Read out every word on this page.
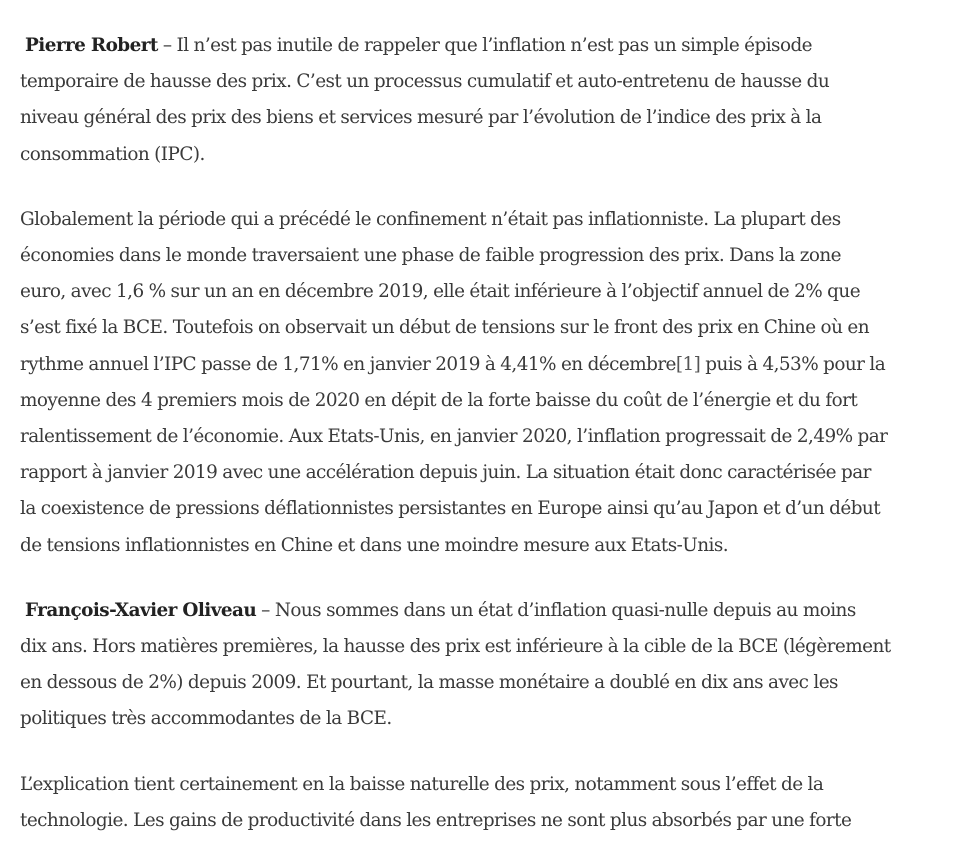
Pierre Robert – Il n’est pas inutile de rappeler que l’inflation n’est pas un simple épisode
temporaire de hausse des prix. C’est un processus cumulatif et auto-entretenu de hausse du
niveau général des prix des biens et services mesuré par l’évolution de l’indice des prix à la
consommation (IPC).

Globalement la période qui a précédé le confinement n’était pas inflationniste. La plupart des
économies dans le monde traversaient une phase de faible progression des prix. Dans la zone
euro, avec 1,6 % sur un an en décembre 2019, elle était inférieure à l’objectif annuel de 2% que
s’est fixé la BCE. Toutefois on observait un début de tensions sur le front des prix en Chine où en
rythme annuel l’IPC passe de 1,71% en janvier 2019 à 4,41% en décembre[1] puis à 4,53% pour la
moyenne des 4 premiers mois de 2020 en dépit de la forte baisse du coût de l’énergie et du fort
ralentissement de l’économie. Aux Etats-Unis, en janvier 2020, l’inflation progressait de 2,49% par
rapport à janvier 2019 avec une accélération depuis juin. La situation était donc caractérisée par
la coexistence de pressions déflationnistes persistantes en Europe ainsi qu’au Japon et d’un début
de tensions inflationnistes en Chine et dans une moindre mesure aux Etats-Unis.

François-Xavier Oliveau – Nous sommes dans un état d’inflation quasi-nulle depuis au moins
dix ans. Hors matières premières, la hausse des prix est inférieure à la cible de la BCE (légèrement
en dessous de 2%) depuis 2009. Et pourtant, la masse monétaire a doublé en dix ans avec les
politiques très accommodantes de la BCE.

L’explication tient certainement en la baisse naturelle des prix, notamment sous l’effet de la
technologie. Les gains de productivité dans les entreprises ne sont plus absorbés par une forte
